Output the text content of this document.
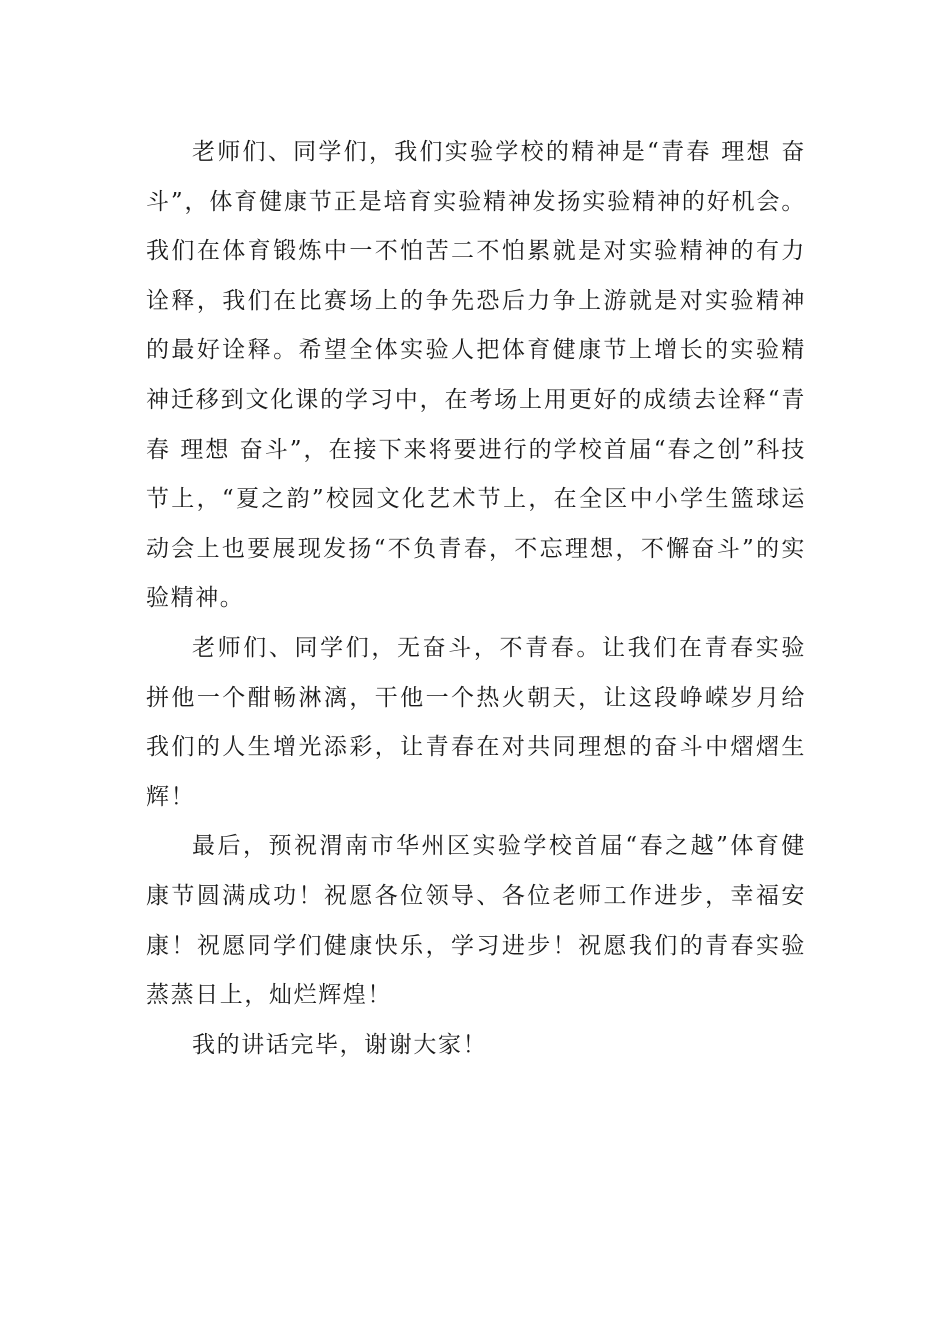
老师们、同学们，我们实验学校的精神是“青春 理想 奋斗”，体育健康节正是培育实验精神发扬实验精神的好机会。我们在体育锻炼中一不怕苦二不怕累就是对实验精神的有力诠释，我们在比赛场上的争先恐后力争上游就是对实验精神的最好诠释。希望全体实验人把体育健康节上增长的实验精神迁移到文化课的学习中，在考场上用更好的成绩去诠释“青春 理想 奋斗”，在接下来将要进行的学校首届“春之创”科技节上，“夏之韵”校园文化艺术节上，在全区中小学生篮球运动会上也要展现发扬“不负青春，不忘理想，不懈奋斗”的实验精神。

老师们、同学们，无奋斗，不青春。让我们在青春实验拼他一个酣畅淋漓，干他一个热火朝天，让这段峥嵘岁月给我们的人生增光添彩，让青春在对共同理想的奋斗中熠熠生辉！

最后，预祝渭南市华州区实验学校首届“春之越”体育健康节圆满成功！祝愿各位领导、各位老师工作进步，幸福安康！祝愿同学们健康快乐，学习进步！祝愿我们的青春实验蒸蒸日上，灿烂辉煌！

我的讲话完毕，谢谢大家！
